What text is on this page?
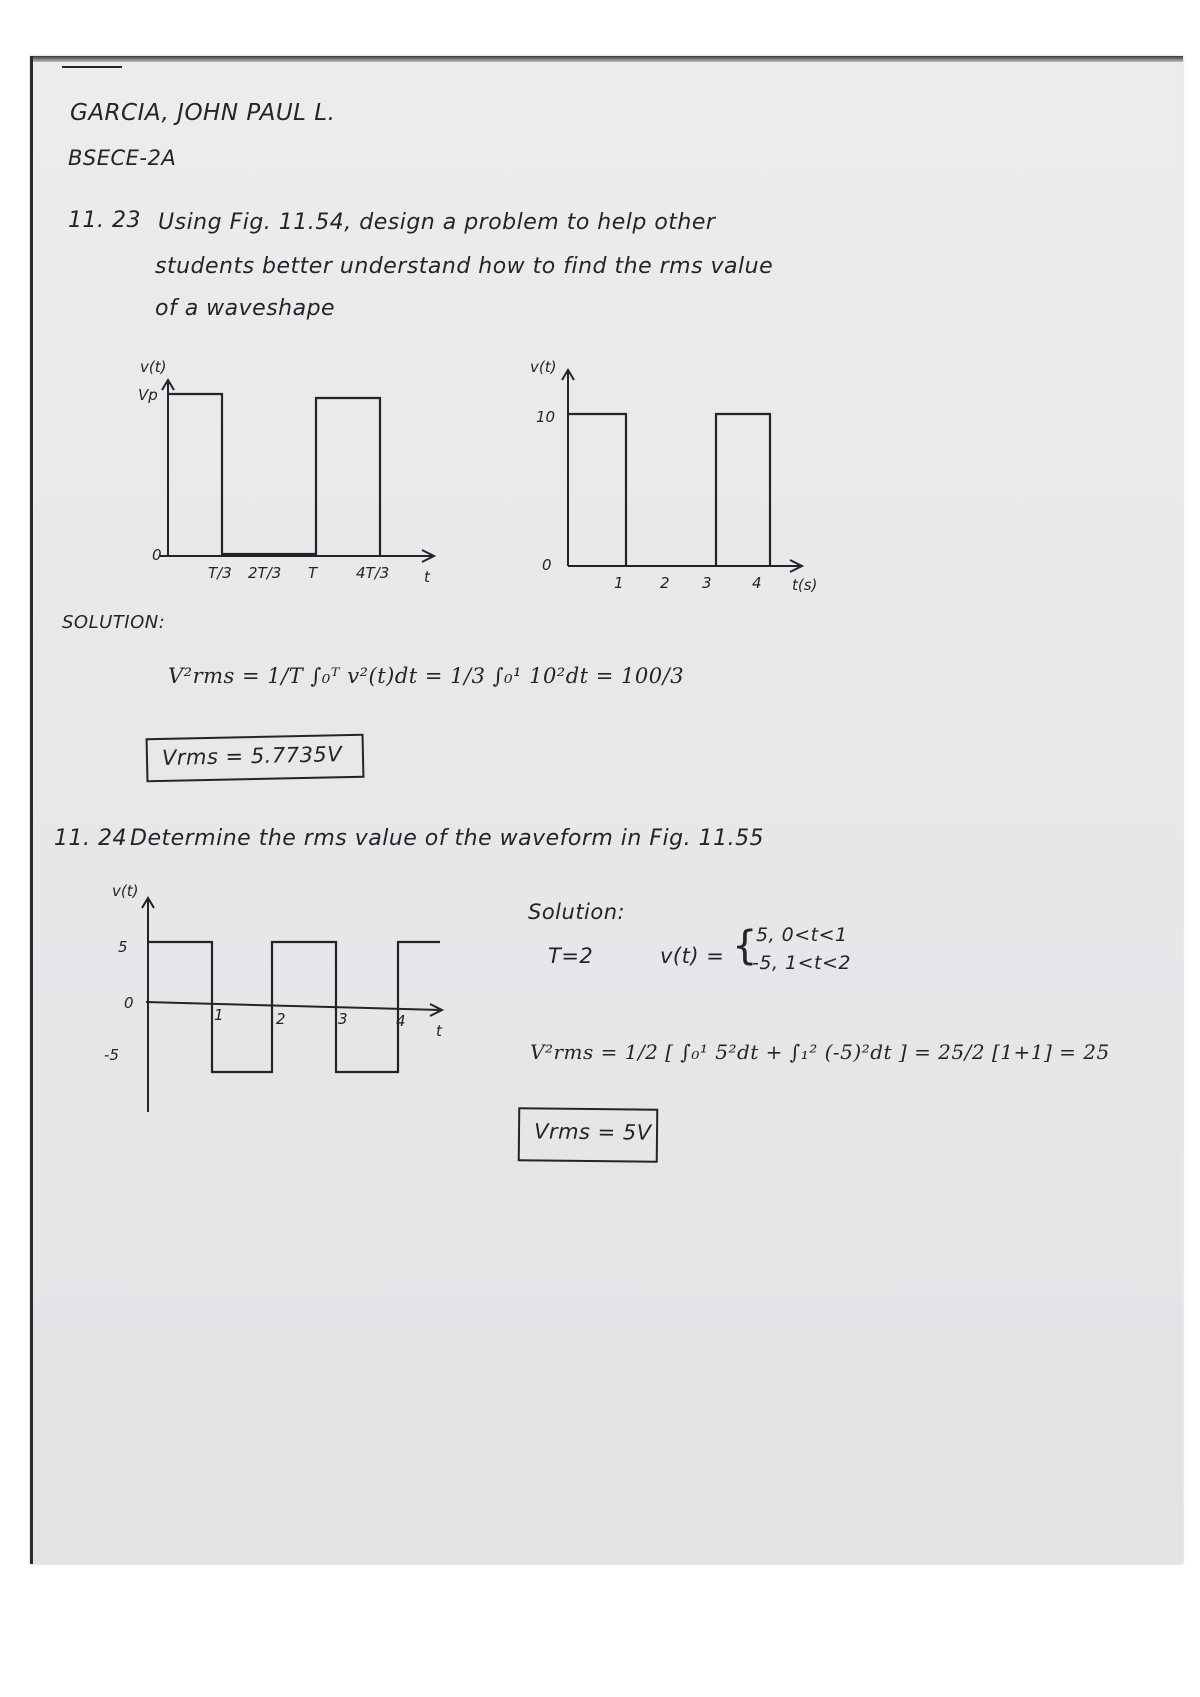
GARCIA, JOHN PAUL L.
BSECE-2A
11. 23 Using Fig. 11.54, design a problem to help other
students better understand how to find the rms value
of a waveshape
v(t)
Vp
0
T/3 2T/3 T	4T/3 t
v(t)
10
0
1 2 3	4 t(s)
v(t)
5
0
-5
1	2	3	4
t
SOLUTION:
V²rms = 1/T ∫₀ᵀ v²(t)dt = 1/3 ∫₀¹ 10²dt = 100/3
Vrms = 5.7735V
11. 24 Determine the rms value of the waveform in Fig. 11.55
Solution:
T=2	v(t) = {
5, 0<t<1
-5, 1<t<2
V²rms = 1/2 [ ∫₀¹ 5²dt + ∫₁² (-5)²dt ] = 25/2 [1+1] = 25
Vrms = 5V
